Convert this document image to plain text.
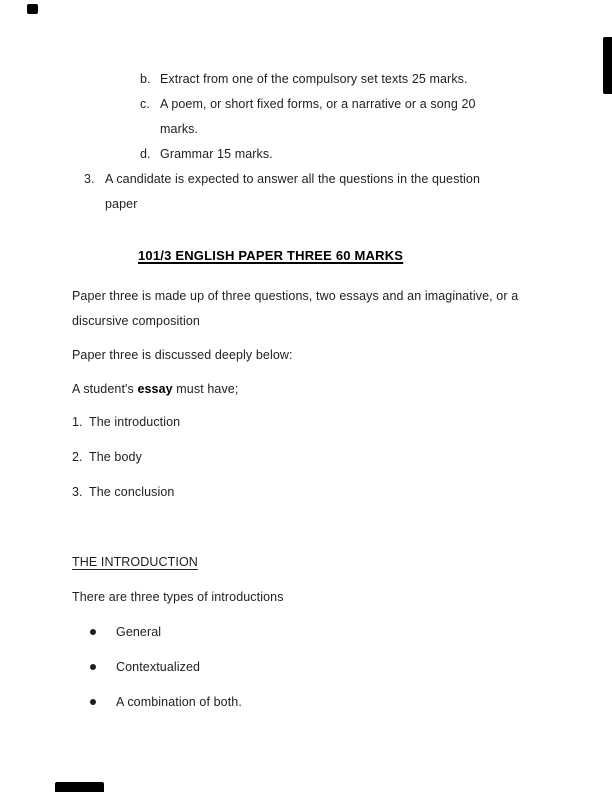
b. Extract from one of the compulsory set texts 25 marks.
c. A poem, or short fixed forms, or a narrative or a song 20
marks.
d. Grammar 15 marks.
3. A candidate is expected to answer all the questions in the question
paper
101/3 ENGLISH PAPER THREE 60 MARKS
Paper three is made up of three questions, two essays and an imaginative, or a
discursive composition
Paper three is discussed deeply below:
A student's essay must have;
1. The introduction
2. The body
3. The conclusion
THE INTRODUCTION
There are three types of introductions
General
Contextualized
A combination of both.
